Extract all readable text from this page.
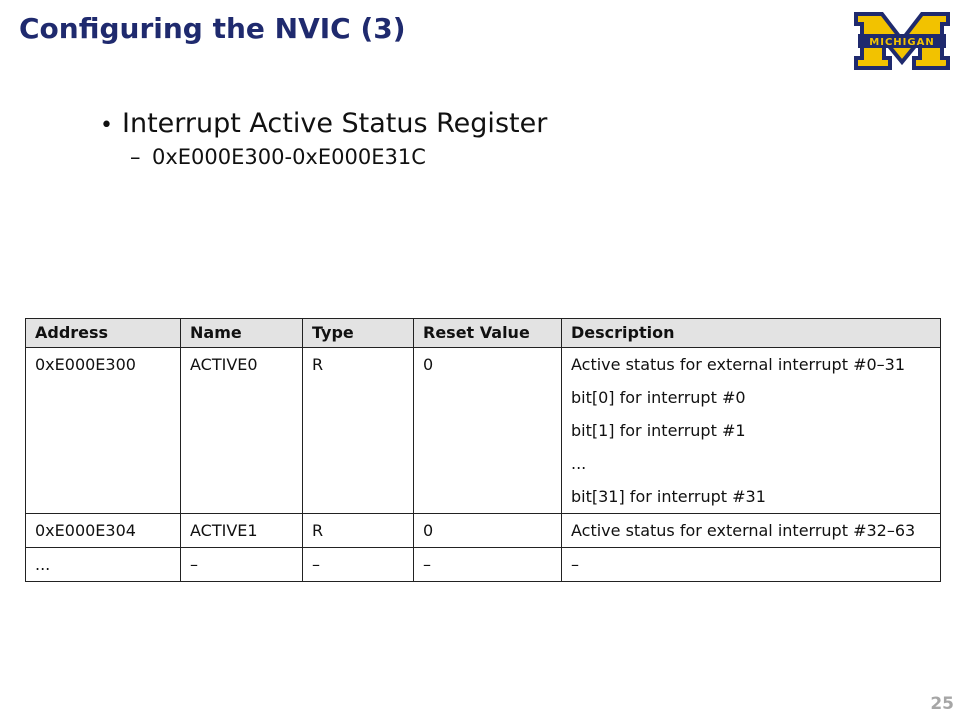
Configuring the NVIC (3)	MICHIGAN
®
• Interrupt Active Status Register
– 0xE000E300-0xE000E31C
Address	Name	Type	Reset Value	Description
0xE000E300	ACTIVE0	R	0	Active status for external interrupt #0–31
bit[0] for interrupt #0
bit[1] for interrupt #1
...
bit[31] for interrupt #31

0xE000E304	ACTIVE1	R	0	Active status for external interrupt #32–63

...	–	–	–	–
25
